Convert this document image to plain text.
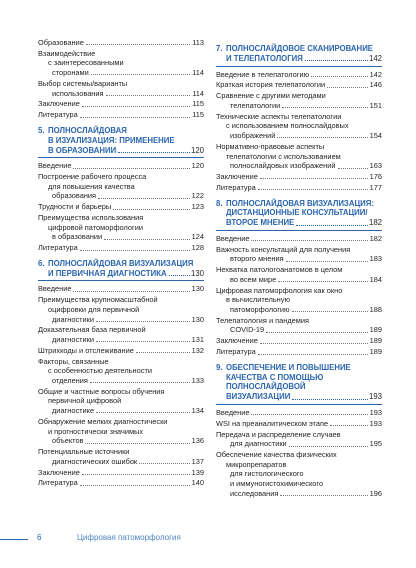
Образование	113
Взаимодействие
с заинтересованными
сторонами	114
Выбор системы/варианты
использования	114
Заключение	115
Литература	115
5. ПОЛНОСЛАЙДОВАЯ
В ИЗУАЛИЗАЦИЯ: ПРИМЕНЕНИЕ
В ОБРАЗОВАНИИ	120
Введение	120
Построение рабочего процесса
для повышения качества
образования	122
Трудности и барьеры	123
Преимущества использования
цифровой патоморфологии
в образовании	124
Литература	128
6. ПОЛНОСЛАЙДОВАЯ ВИЗУАЛИЗАЦИЯ
И ПЕРВИЧНАЯ ДИАГНОСТИКА	130
Введение	130
Преимущества крупномасштабной
оцифровки для первичной
диагностики	130
Доказательная база первичной
диагностики	131
Штрихкоды и отслеживание	132
Факторы, связанные
с особенностью деятельности
отделения	133
Общие и частные вопросы обучения
первичной цифровой
диагностике	134
Обнаружение мелких диагностически
и прогностически значимых
объектов	136
Потенциальные источники
диагностических ошибок	137
Заключение	139
Литература	140
7. ПОЛНОСЛАЙДОВОЕ СКАНИРОВАНИЕ
И ТЕЛЕПАТОЛОГИЯ	142
Введение в телепатологию	142
Краткая история телепатологии	146
Сравнение с другими методами
телепатологии	151
Технические аспекты телепатологии
с использованием полнослайдовых
изображений	154
Нормативно-правовые аспекты
телепатологии с использованием
полнослайдовых изображений	163
Заключение	176
Литература	177
8. ПОЛНОСЛАЙДОВАЯ ВИЗУАЛИЗАЦИЯ:
ДИСТАНЦИОННЫЕ КОНСУЛЬТАЦИИ/
ВТОРОЕ МНЕНИЕ	182
Введение	182
Важность консультаций для получения
второго мнения	183
Нехватка патологоанатомов в целом
во всем мире	184
Цифровая патоморфология как окно
в вычислительную
патоморфологию	188
Телепатология и пандемия
COVID-19	189
Заключение	189
Литература	189
9. ОБЕСПЕЧЕНИЕ И ПОВЫШЕНИЕ
КАЧЕСТВА С ПОМОЩЬЮ
ПОЛНОСЛАЙДОВОЙ
ВИЗУАЛИЗАЦИИ	193
Введение	193
WSI на преаналитическом этапе	193
Передача и распределение случаев
для диагностики	195
Обеспечение качества физических
микропрепаратов
для гистологического
и иммуногистохимического
исследования	196
6	Цифровая патоморфология
